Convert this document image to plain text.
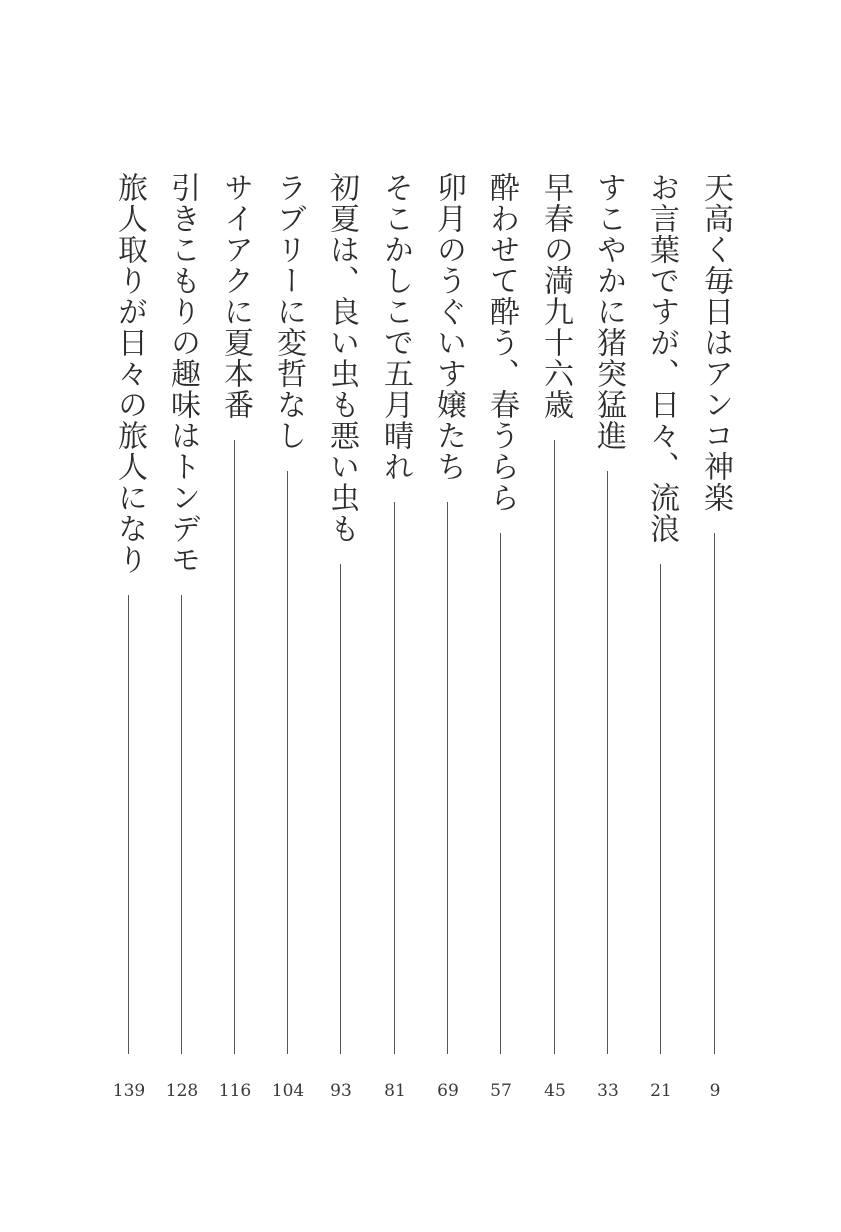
天高く毎日はアンコ神楽
9
お言葉ですが、日々、流浪
21
すこやかに猪突猛進
33
早春の満九十六歳
45
酔わせて酔う、春うらら
57
卯月のうぐいす嬢たち
69
そこかしこで五月晴れ
81
初夏は、良い虫も悪い虫も
93
ラブリーに変哲なし
104
サイアクに夏本番
116
引きこもりの趣味はトンデモ
128
旅人取りが日々の旅人になり
139
